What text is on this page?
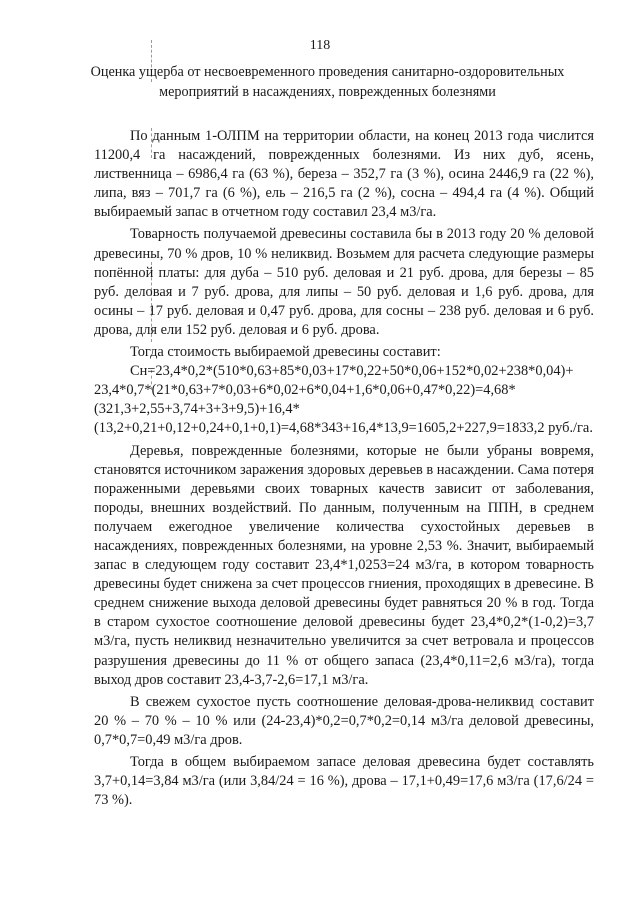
118
Оценка ущерба от несвоевременного проведения санитарно-оздоровительных мероприятий в насаждениях, поврежденных болезнями

По данным 1-ОЛПМ на территории области, на конец 2013 года числится 11200,4 га насаждений, поврежденных болезнями. Из них дуб, ясень, лиственница – 6986,4 га (63 %), береза – 352,7 га (3 %), осина 2446,9 га (22 %), липа, вяз – 701,7 га (6 %), ель – 216,5 га (2 %), сосна – 494,4 га (4 %). Общий выбираемый запас в отчетном году составил 23,4 м3/га.

Товарность получаемой древесины составила бы в 2013 году 20 % деловой древесины, 70 % дров, 10 % неликвид. Возьмем для расчета следующие размеры попённой платы: для дуба – 510 руб. деловая и 21 руб. дрова, для березы – 85 руб. деловая и 7 руб. дрова, для липы – 50 руб. деловая и 1,6 руб. дрова, для осины – 17 руб. деловая и 0,47 руб. дрова, для сосны – 238 руб. деловая и 6 руб. дрова, для ели 152 руб. деловая и 6 руб. дрова.

Тогда стоимость выбираемой древесины составит:

Сн=23,4*0,2*(510*0,63+85*0,03+17*0,22+50*0,06+152*0,02+238*0,04)+ 23,4*0,7*(21*0,63+7*0,03+6*0,02+6*0,04+1,6*0,06+0,47*0,22)=4,68*(321,3+2,55+3,74+3+3+9,5)+16,4*(13,2+0,21+0,12+0,24+0,1+0,1)=4,68*343+16,4*13,9=1605,2+227,9=1833,2 руб./га.

Деревья, поврежденные болезнями, которые не были убраны вовремя, становятся источником заражения здоровых деревьев в насаждении. Сама потеря пораженными деревьями своих товарных качеств зависит от заболевания, породы, внешних воздействий. По данным, полученным на ППН, в среднем получаем ежегодное увеличение количества сухостойных деревьев в насаждениях, поврежденных болезнями, на уровне 2,53 %. Значит, выбираемый запас в следующем году составит 23,4*1,0253=24 м3/га, в котором товарность древесины будет снижена за счет процессов гниения, проходящих в древесине. В среднем снижение выхода деловой древесины будет равняться 20 % в год. Тогда в старом сухостое соотношение деловой древесины будет 23,4*0,2*(1-0,2)=3,7 м3/га, пусть неликвид незначительно увеличится за счет ветровала и процессов разрушения древесины до 11 % от общего запаса (23,4*0,11=2,6 м3/га), тогда выход дров составит 23,4-3,7-2,6=17,1 м3/га.

В свежем сухостое пусть соотношение деловая-дрова-неликвид составит 20 % – 70 % – 10 % или (24-23,4)*0,2=0,7*0,2=0,14 м3/га деловой древесины, 0,7*0,7=0,49 м3/га дров.

Тогда в общем выбираемом запасе деловая древесина будет составлять 3,7+0,14=3,84 м3/га (или 3,84/24 = 16 %), дрова – 17,1+0,49=17,6 м3/га (17,6/24 = 73 %).
